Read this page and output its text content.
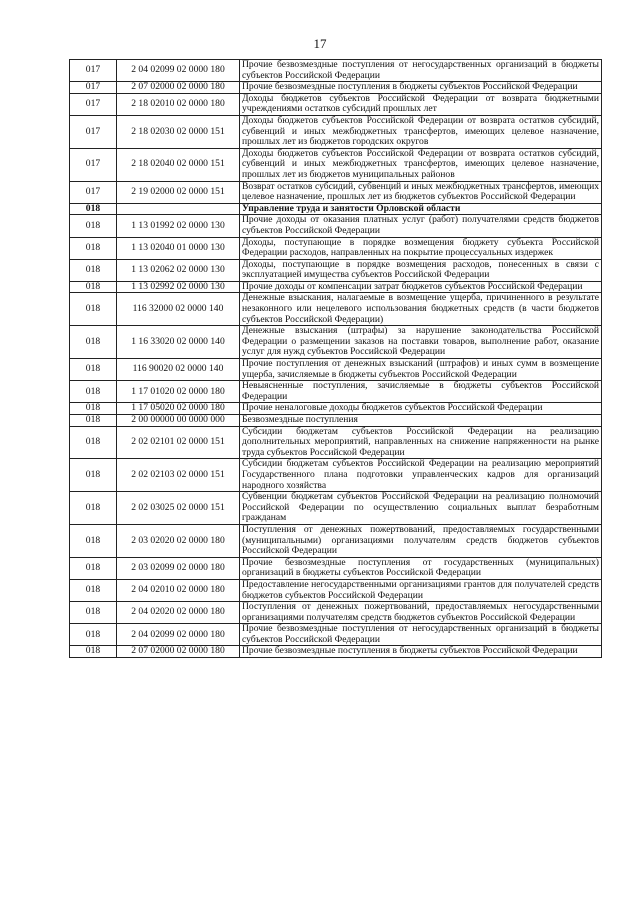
17
017	2 04 02099 02 0000 180	Прочие безвозмездные поступления от негосударственных организаций в бюджеты субъектов Российской Федерации
017	2 07 02000 02 0000 180	Прочие безвозмездные поступления в бюджеты субъектов Российской Федерации
017	2 18 02010 02 0000 180	Доходы бюджетов субъектов Российской Федерации от возврата бюджетными учреждениями остатков субсидий прошлых лет
017	2 18 02030 02 0000 151	Доходы бюджетов субъектов Российской Федерации от возврата остатков субсидий, субвенций и иных межбюджетных трансфертов, имеющих целевое назначение, прошлых лет из бюджетов городских округов
017	2 18 02040 02 0000 151	Доходы бюджетов субъектов Российской Федерации от возврата остатков субсидий, субвенций и иных межбюджетных трансфертов, имеющих целевое назначение, прошлых лет из бюджетов муниципальных районов
017	2 19 02000 02 0000 151	Возврат остатков субсидий, субвенций и иных межбюджетных трансфертов, имеющих целевое назначение, прошлых лет из бюджетов субъектов Российской Федерации
018		Управление труда и занятости Орловской области
018	1 13 01992 02 0000 130	Прочие доходы от оказания платных услуг (работ) получателями средств бюджетов субъектов Российской Федерации
018	1 13 02040 01 0000 130	Доходы, поступающие в порядке возмещения бюджету субъекта Российской Федерации расходов, направленных на покрытие процессуальных издержек
018	1 13 02062 02 0000 130	Доходы, поступающие в порядке возмещения расходов, понесенных в связи с эксплуатацией имущества субъектов Российской Федерации
018	1 13 02992 02 0000 130	Прочие доходы от компенсации затрат бюджетов субъектов Российской Федерации
018	116 32000 02 0000 140	Денежные взыскания, налагаемые в возмещение ущерба, причиненного в результате незаконного или нецелевого использования бюджетных средств (в части бюджетов субъектов Российской Федерации)
018	1 16 33020 02 0000 140	Денежные взыскания (штрафы) за нарушение законодательства Российской Федерации о размещении заказов на поставки товаров, выполнение работ, оказание услуг для нужд субъектов Российской Федерации
018	116 90020 02 0000 140	Прочие поступления от денежных взысканий (штрафов) и иных сумм в возмещение ущерба, зачисляемые в бюджеты субъектов Российской Федерации
018	1 17 01020 02 0000 180	Невыясненные поступления, зачисляемые в бюджеты субъектов Российской Федерации
018	1 17 05020 02 0000 180	Прочие неналоговые доходы бюджетов субъектов Российской Федерации
018	2 00 00000 00 0000 000	Безвозмездные поступления
018	2 02 02101 02 0000 151	Субсидии бюджетам субъектов Российской Федерации на реализацию дополнительных мероприятий, направленных на снижение напряженности на рынке труда субъектов Российской Федерации
018	2 02 02103 02 0000 151	Субсидии бюджетам субъектов Российской Федерации на реализацию мероприятий Государственного плана подготовки управленческих кадров для организаций народного хозяйства
018	2 02 03025 02 0000 151	Субвенции бюджетам субъектов Российской Федерации на реализацию полномочий Российской Федерации по осуществлению социальных выплат безработным гражданам
018	2 03 02020 02 0000 180	Поступления от денежных пожертвований, предоставляемых государственными (муниципальными) организациями получателям средств бюджетов субъектов Российской Федерации
018	2 03 02099 02 0000 180	Прочие безвозмездные поступления от государственных (муниципальных) организаций в бюджеты субъектов Российской Федерации
018	2 04 02010 02 0000 180	Предоставление негосударственными организациями грантов для получателей средств бюджетов субъектов Российской Федерации
018	2 04 02020 02 0000 180	Поступления от денежных пожертвований, предоставляемых негосударственными организациями получателям средств бюджетов субъектов Российской Федерации
018	2 04 02099 02 0000 180	Прочие безвозмездные поступления от негосударственных организаций в бюджеты субъектов Российской Федерации
018	2 07 02000 02 0000 180	Прочие безвозмездные поступления в бюджеты субъектов Российской Федерации
